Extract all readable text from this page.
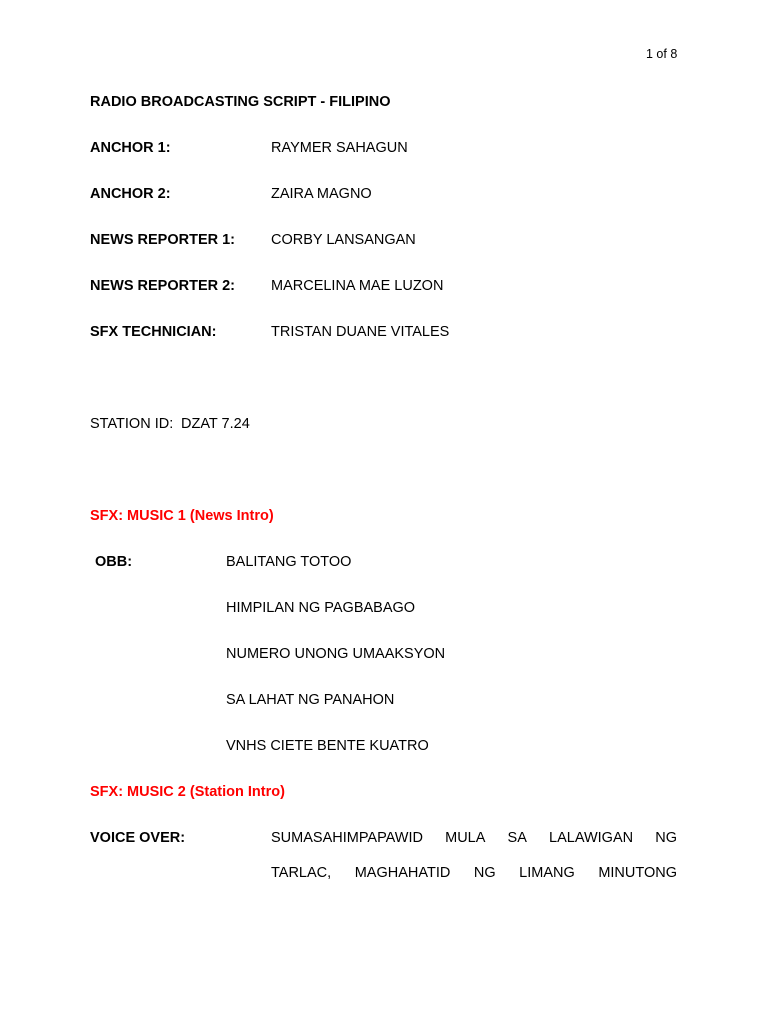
1 of 8
RADIO BROADCASTING SCRIPT - FILIPINO
ANCHOR 1:	RAYMER SAHAGUN
ANCHOR 2:	ZAIRA MAGNO
NEWS REPORTER 1: CORBY LANSANGAN
NEWS REPORTER 2: MARCELINA MAE LUZON
SFX TECHNICIAN:	TRISTAN DUANE VITALES
STATION ID: DZAT 7.24
SFX: MUSIC 1 (News Intro)
OBB:	BALITANG TOTOO
HIMPILAN NG PAGBABAGO
NUMERO UNONG UMAAKSYON
SA LAHAT NG PANAHON
VNHS CIETE BENTE KUATRO
SFX: MUSIC 2 (Station Intro)
VOICE OVER:	SUMASAHIMPAPAWID MULA SA LALAWIGAN NG
TARLAC, MAGHAHATID NG LIMANG MINUTONG
